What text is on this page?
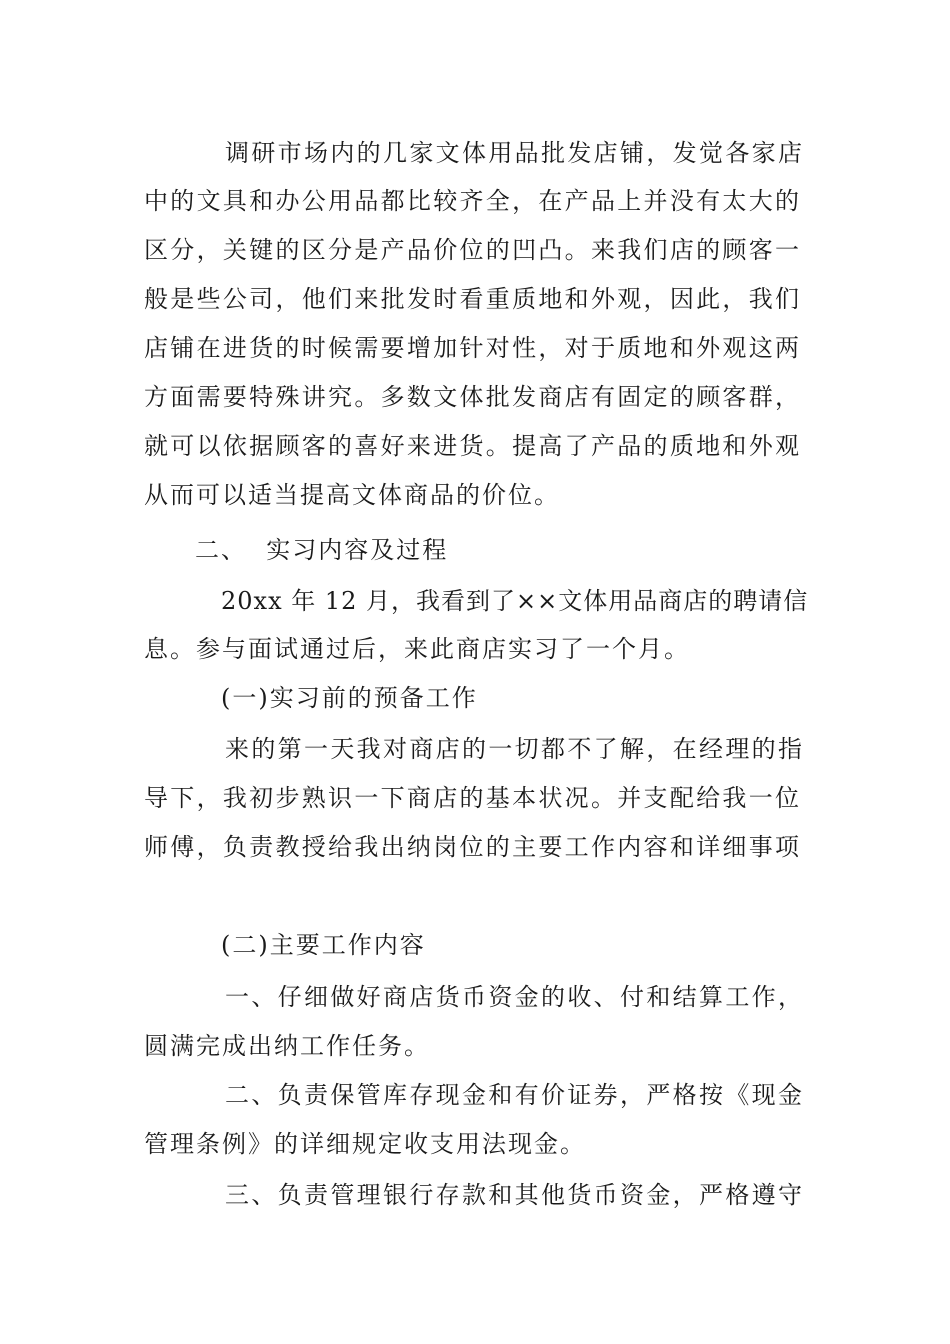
调研市场内的几家文体用品批发店铺，发觉各家店

中的文具和办公用品都比较齐全，在产品上并没有太大的

区分，关键的区分是产品价位的凹凸。来我们店的顾客一

般是些公司，他们来批发时看重质地和外观，因此，我们

店铺在进货的时候需要增加针对性，对于质地和外观这两

方面需要特殊讲究。多数文体批发商店有固定的顾客群，

就可以依据顾客的喜好来进货。提高了产品的质地和外观

从而可以适当提高文体商品的价位。

二、  实习内容及过程

20xx 年 12 月，我看到了××文体用品商店的聘请信

息。参与面试通过后，来此商店实习了一个月。

(一)实习前的预备工作

来的第一天我对商店的一切都不了解，在经理的指

导下，我初步熟识一下商店的基本状况。并支配给我一位

师傅，负责教授给我出纳岗位的主要工作内容和详细事项

(二)主要工作内容

一、仔细做好商店货币资金的收、付和结算工作，

圆满完成出纳工作任务。

二、负责保管库存现金和有价证券，严格按《现金

管理条例》的详细规定收支用法现金。

三、负责管理银行存款和其他货币资金，严格遵守
